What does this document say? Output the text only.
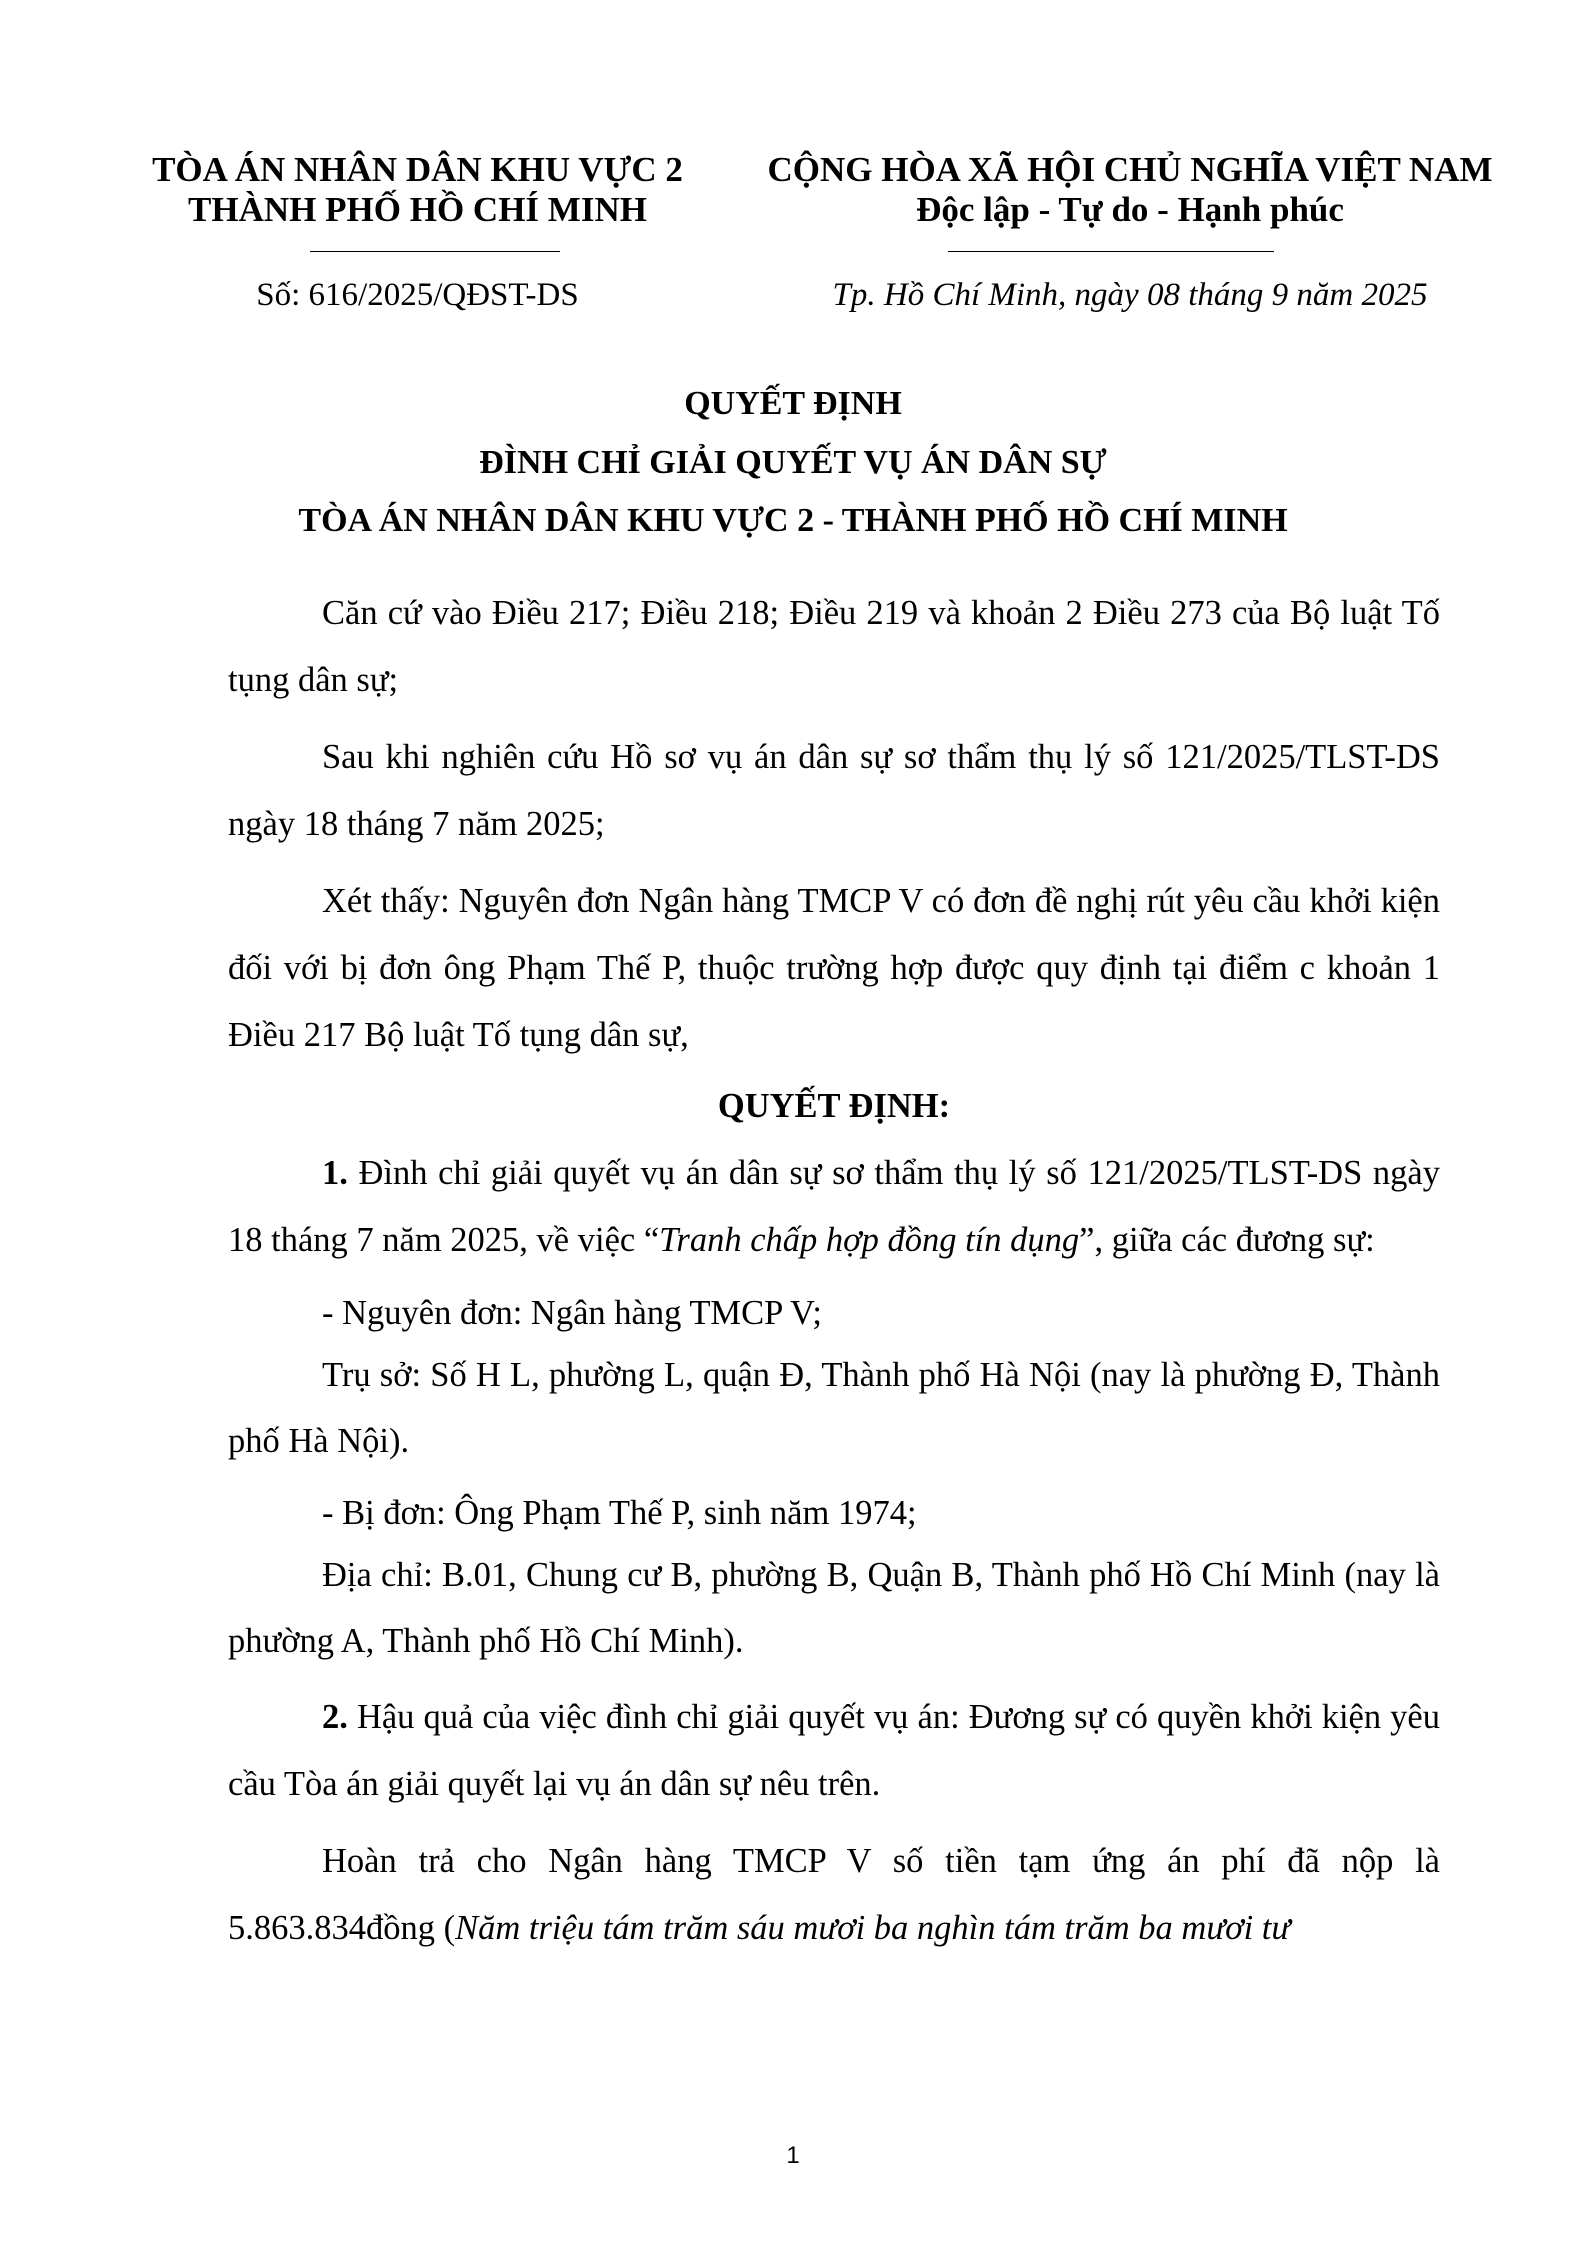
TÒA ÁN NHÂN DÂN KHU VỰC 2
THÀNH PHỐ HỒ CHÍ MINH
Số: 616/2025/QĐST-DS
CỘNG HÒA XÃ HỘI CHỦ NGHĨA VIỆT NAM
Độc lập - Tự do - Hạnh phúc
Tp. Hồ Chí Minh, ngày 08 tháng 9 năm 2025
QUYẾT ĐỊNH
ĐÌNH CHỈ GIẢI QUYẾT VỤ ÁN DÂN SỰ
TÒA ÁN NHÂN DÂN KHU VỰC 2 - THÀNH PHỐ HỒ CHÍ MINH

Căn cứ vào Điều 217; Điều 218; Điều 219 và khoản 2 Điều 273 của Bộ luật Tố tụng dân sự;

Sau khi nghiên cứu Hồ sơ vụ án dân sự sơ thẩm thụ lý số 121/2025/TLST-DS ngày 18 tháng 7 năm 2025;

Xét thấy: Nguyên đơn Ngân hàng TMCP V có đơn đề nghị rút yêu cầu khởi kiện đối với bị đơn ông Phạm Thế P, thuộc trường hợp được quy định tại điểm c khoản 1 Điều 217 Bộ luật Tố tụng dân sự,

QUYẾT ĐỊNH:

1. Đình chỉ giải quyết vụ án dân sự sơ thẩm thụ lý số 121/2025/TLST-DS ngày 18 tháng 7 năm 2025, về việc “Tranh chấp hợp đồng tín dụng”, giữa các đương sự:

- Nguyên đơn: Ngân hàng TMCP V;

Trụ sở: Số H L, phường L, quận Đ, Thành phố Hà Nội (nay là phường Đ, Thành phố Hà Nội).

- Bị đơn: Ông Phạm Thế P, sinh năm 1974;

Địa chỉ: B.01, Chung cư B, phường B, Quận B, Thành phố Hồ Chí Minh (nay là phường A, Thành phố Hồ Chí Minh).

2. Hậu quả của việc đình chỉ giải quyết vụ án: Đương sự có quyền khởi kiện yêu cầu Tòa án giải quyết lại vụ án dân sự nêu trên.

Hoàn trả cho Ngân hàng TMCP V số tiền tạm ứng án phí đã nộp là 5.863.834đồng (Năm triệu tám trăm sáu mươi ba nghìn tám trăm ba mươi tư

1
